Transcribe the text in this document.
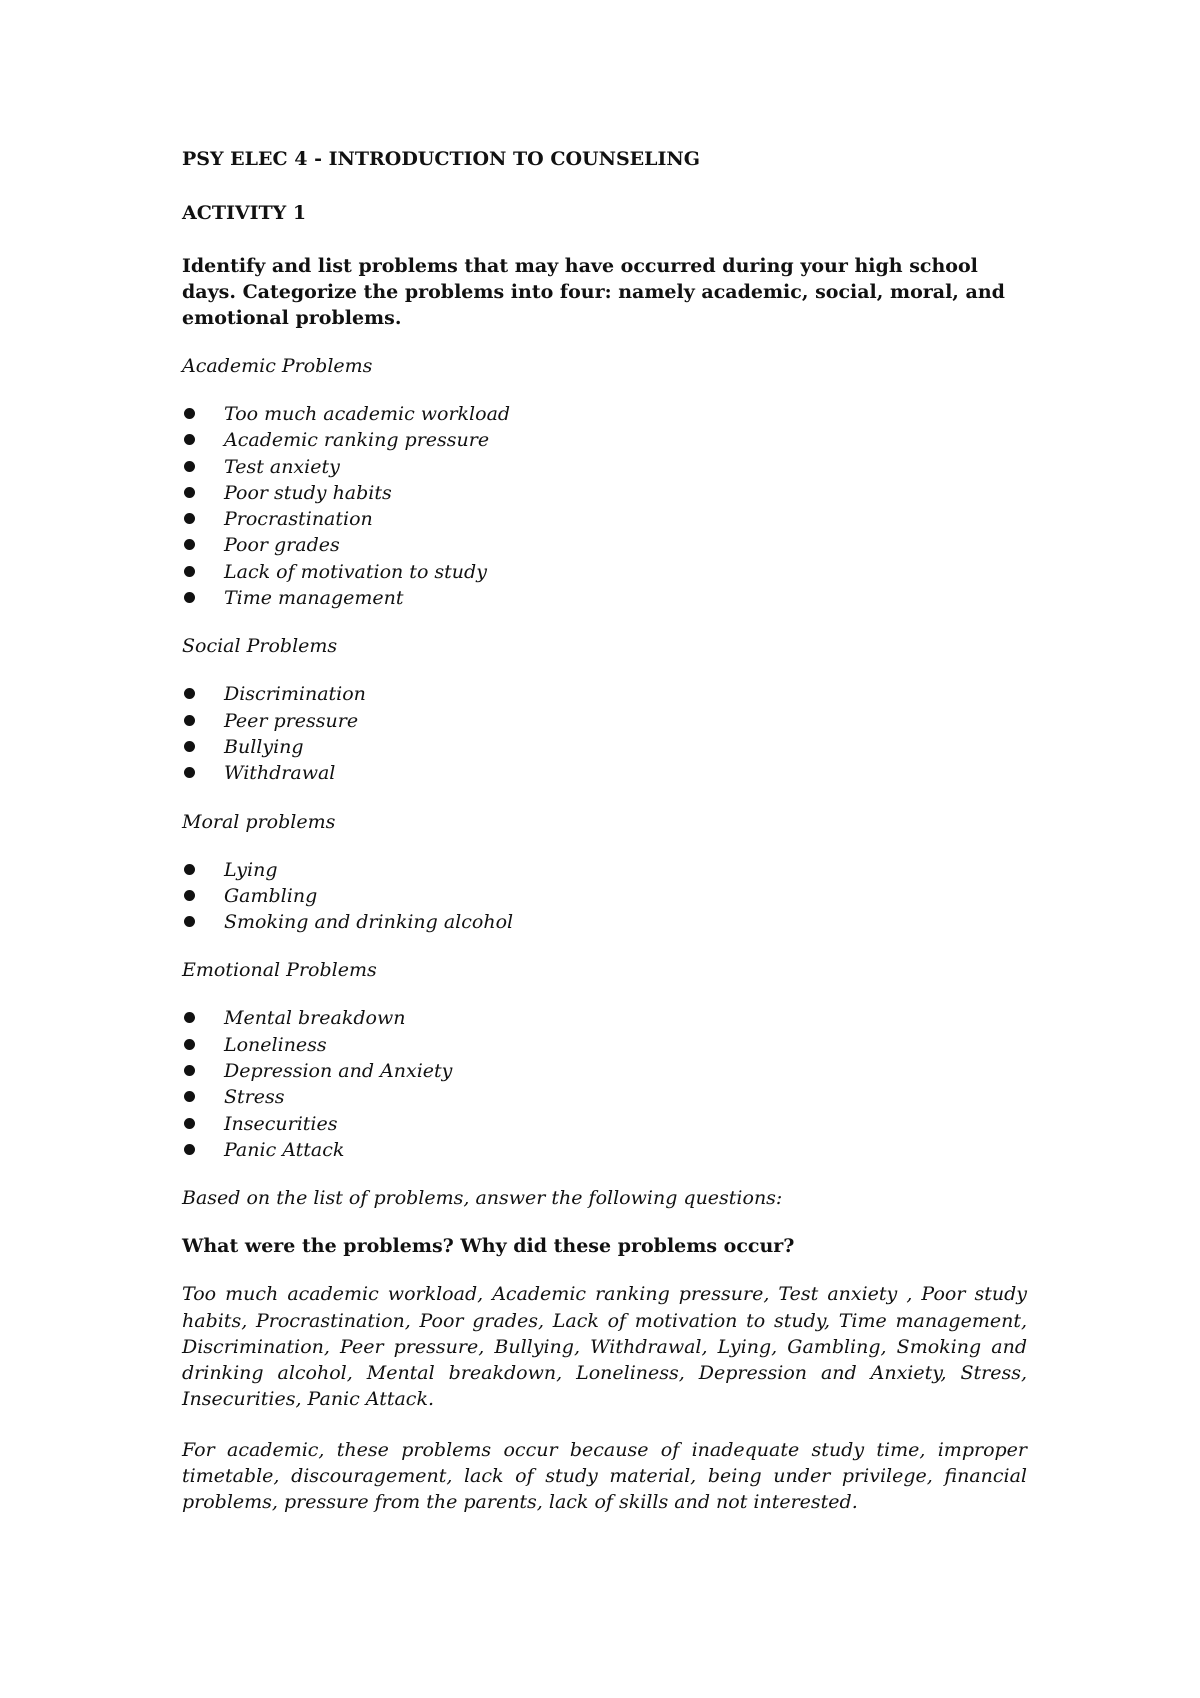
PSY ELEC 4 - INTRODUCTION TO COUNSELING
ACTIVITY 1
Identify and list problems that may have occurred during your high school days. Categorize the problems into four: namely academic, social, moral, and emotional problems.
Academic Problems
Too much academic workload
Academic ranking pressure
Test anxiety
Poor study habits
Procrastination
Poor grades
Lack of motivation to study
Time management
Social Problems
Discrimination
Peer pressure
Bullying
Withdrawal
Moral problems
Lying
Gambling
Smoking and drinking alcohol
Emotional Problems
Mental breakdown
Loneliness
Depression and Anxiety
Stress
Insecurities
Panic Attack
Based on the list of problems, answer the following questions:
What were the problems? Why did these problems occur?
Too much academic workload, Academic ranking pressure, Test anxiety , Poor study habits, Procrastination, Poor grades, Lack of motivation to study, Time management, Discrimination, Peer pressure, Bullying, Withdrawal, Lying, Gambling, Smoking and drinking alcohol, Mental breakdown, Loneliness, Depression and Anxiety, Stress, Insecurities, Panic Attack.
For academic, these problems occur because of inadequate study time, improper timetable, discouragement, lack of study material, being under privilege, financial problems, pressure from the parents, lack of skills and not interested.
